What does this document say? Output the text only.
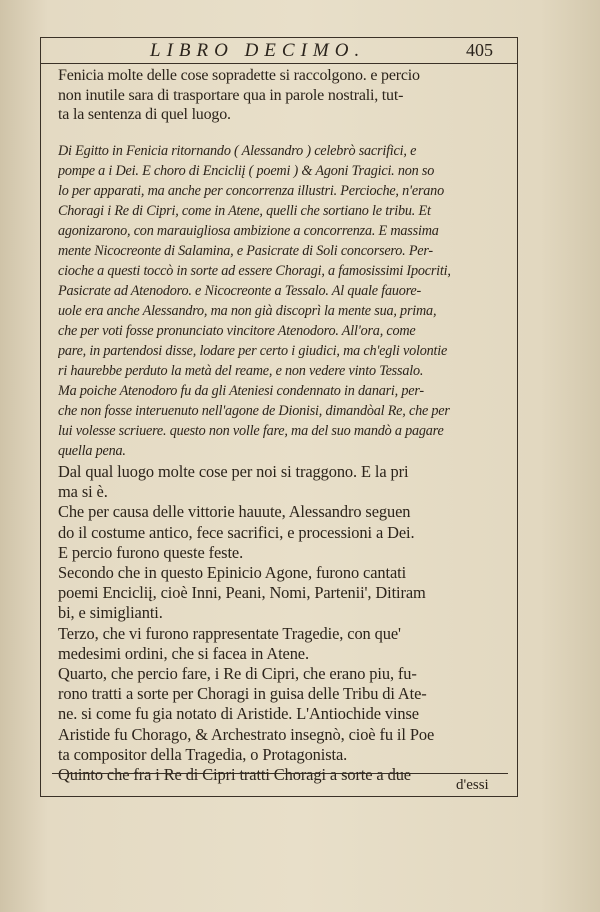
LIBRO DECIMO.	405
Fenicia molte delle cose sopradette si raccolgono. e percio
non inutile sara di trasportare qua in parole nostrali, tut-
ta la sentenza di quel luogo.
Di Egitto in Fenicia ritornando ( Alessandro ) celebrò sacrifici, e
pompe a i Dei. E choro di Encicliį ( poemi ) & Agoni Tragici. non so
lo per apparati, ma anche per concorrenza illustri. Percioche, n'erano
Choragi i Re di Cipri, come in Atene, quelli che sortiano le tribu. Et
agonizarono, con marauigliosa ambizione a concorrenza. E massima
mente Nicocreonte di Salamina, e Pasicrate di Soli concorsero. Per-
cioche a questi toccò in sorte ad essere Choragi, a famosissimi Ipocriti,
Pasicrate ad Atenodoro. e Nicocreonte a Tessalo. Al quale fauore-
uole era anche Alessandro, ma non già discoprì la mente sua, prima,
che per voti fosse pronunciato vincitore Atenodoro. All'ora, come
pare, in partendosi disse, lodare per certo i giudici, ma ch'egli volontie
ri haurebbe perduto la metà del reame, e non vedere vinto Tessalo.
Ma poiche Atenodoro fu da gli Ateniesi condennato in danari, per-
che non fosse interuenuto nell'agone de Dionisi, dimandòal Re, che per
lui volesse scriuere. questo non volle fare, ma del suo mandò a pagare
quella pena.
Dal qual luogo molte cose per noi si traggono. E la pri
ma si è.
Che per causa delle vittorie hauute, Alessandro seguen
do il costume antico, fece sacrifici, e processioni a Dei.
E percio furono queste feste.
Secondo che in questo Epinicio Agone, furono cantati
poemi Encicliį, cioè Inni, Peani, Nomi, Partenii', Ditiram
bi, e simiglianti.
Terzo, che vi furono rappresentate Tragedie, con que'
medesimi ordini, che si facea in Atene.
Quarto, che percio fare, i Re di Cipri, che erano piu, fu-
rono tratti a sorte per Choragi in guisa delle Tribu di Ate-
ne. si come fu gia notato di Aristide. L'Antiochide vinse
Aristide fu Chorago, & Archestrato insegnò, cioè fu il Poe
ta compositor della Tragedia, o Protagonista.
Quinto che fra i Re di Cipri tratti Choragi a sorte a due
d'essi
